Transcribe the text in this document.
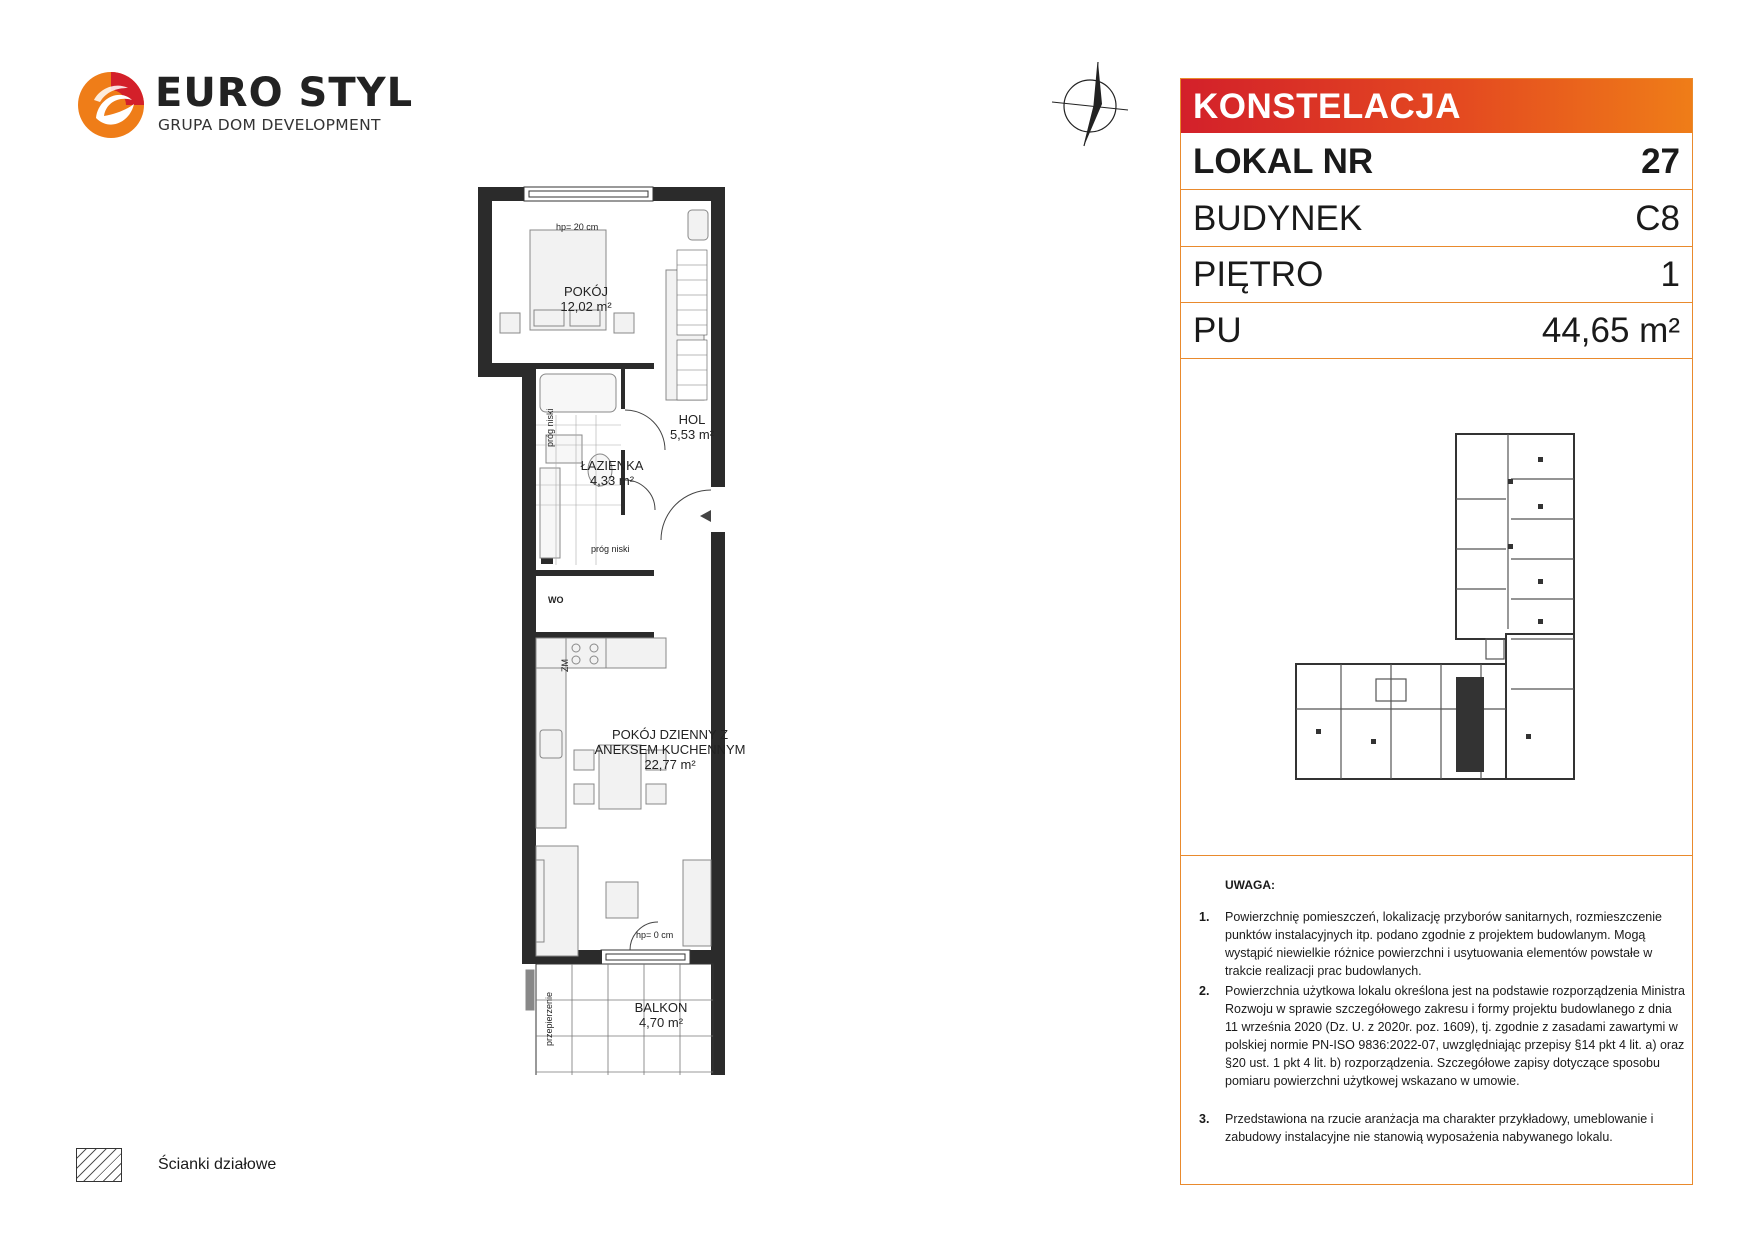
EURO STYL
GRUPA DOM DEVELOPMENT
POKÓJ
12,02 m²
HOL
5,53 m²
ŁAZIENKA
4,33 m²
POKÓJ DZIENNY Z
ANEKSEM KUCHENNYM
22,77 m²
BALKON
4,70 m²
hp= 20 cm
hp= 0 cm
próg niski
próg niski
WO
ZM
przepierzenie
KONSTELACJA
LOKAL NR	27
BUDYNEK	C8
PIĘTRO	1
PU	44,65 m²
UWAGA:
1. Powierzchnię pomieszczeń, lokalizację przyborów sanitarnych, rozmieszczenie punktów instalacyjnych itp. podano zgodnie z projektem budowlanym. Mogą wystąpić niewielkie różnice powierzchni i usytuowania elementów powstałe w trakcie realizacji prac budowlanych.
2. Powierzchnia użytkowa lokalu określona jest na podstawie rozporządzenia Ministra Rozwoju w sprawie szczegółowego zakresu i formy projektu budowlanego z dnia 11 września 2020 (Dz. U. z 2020r. poz. 1609), tj. zgodnie z zasadami zawartymi w polskiej normie PN-ISO 9836:2022-07, uwzględniając przepisy §14 pkt 4 lit. a) oraz §20 ust. 1 pkt 4 lit. b) rozporządzenia. Szczegółowe zapisy dotyczące sposobu pomiaru powierzchni użytkowej wskazano w umowie.
3. Przedstawiona na rzucie aranżacja ma charakter przykładowy, umeblowanie i zabudowy instalacyjne nie stanowią wyposażenia nabywanego lokalu.
Ścianki działowe
